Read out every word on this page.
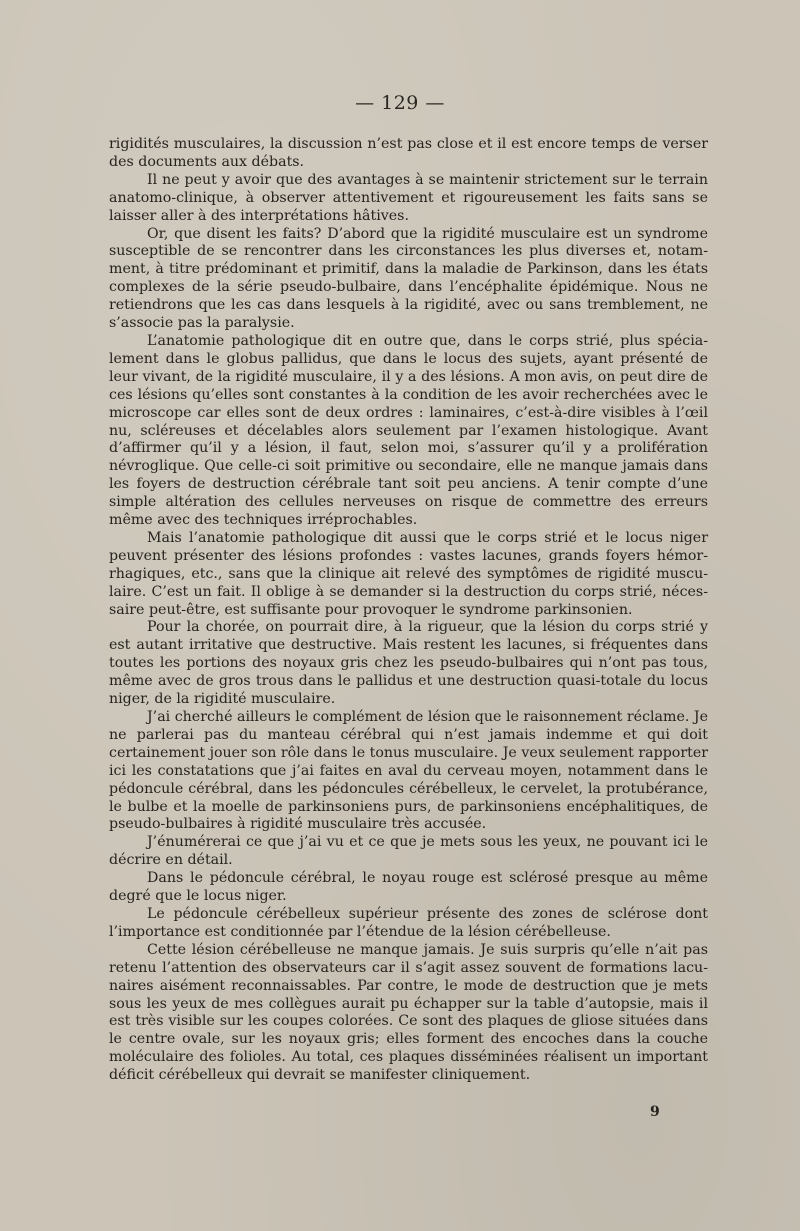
— 129 —

rigidités musculaires, la discussion n’est pas close et il est encore temps de verser des documents aux débats.

Il ne peut y avoir que des avantages à se maintenir strictement sur le terrain anatomo-clinique, à observer attentivement et rigoureusement les faits sans se laisser aller à des interprétations hâtives.

Or, que disent les faits? D’abord que la rigidité musculaire est un syndrome susceptible de se rencontrer dans les circonstances les plus diverses et, notamment, à titre prédominant et primitif, dans la maladie de Parkinson, dans les états complexes de la série pseudo-bulbaire, dans l’encéphalite épidémique. Nous ne retiendrons que les cas dans lesquels à la rigidité, avec ou sans tremblement, ne s’associe pas la paralysie.

L’anatomie pathologique dit en outre que, dans le corps strié, plus spécialement dans le globus pallidus, que dans le locus des sujets, ayant présenté de leur vivant, de la rigidité musculaire, il y a des lésions. A mon avis, on peut dire de ces lésions qu’elles sont constantes à la condition de les avoir recherchées avec le microscope car elles sont de deux ordres : laminaires, c’est-à-dire visibles à l’œil nu, scléreuses et décelables alors seulement par l’examen histologique. Avant d’affirmer qu’il y a lésion, il faut, selon moi, s’assurer qu’il y a prolifération névroglique. Que celle-ci soit primitive ou secondaire, elle ne manque jamais dans les foyers de destruction cérébrale tant soit peu anciens. A tenir compte d’une simple altération des cellules nerveuses on risque de commettre des erreurs même avec des techniques irréprochables.

Mais l’anatomie pathologique dit aussi que le corps strié et le locus niger peuvent présenter des lésions profondes : vastes lacunes, grands foyers hémorrhagiques, etc., sans que la clinique ait relevé des symptômes de rigidité musculaire. C’est un fait. Il oblige à se demander si la destruction du corps strié, nécessaire peut-être, est suffisante pour provoquer le syndrome parkinsonien.

Pour la chorée, on pourrait dire, à la rigueur, que la lésion du corps strié y est autant irritative que destructive. Mais restent les lacunes, si fréquentes dans toutes les portions des noyaux gris chez les pseudo-bulbaires qui n’ont pas tous, même avec de gros trous dans le pallidus et une destruction quasi-totale du locus niger, de la rigidité musculaire.

J’ai cherché ailleurs le complément de lésion que le raisonnement réclame. Je ne parlerai pas du manteau cérébral qui n’est jamais indemme et qui doit certainement jouer son rôle dans le tonus musculaire. Je veux seulement rapporter ici les constatations que j’ai faites en aval du cerveau moyen, notamment dans le pédoncule cérébral, dans les pédoncules cérébelleux, le cervelet, la protubérance, le bulbe et la moelle de parkinsoniens purs, de parkinsoniens encéphalitiques, de pseudo-bulbaires à rigidité musculaire très accusée.

J’énumérerai ce que j’ai vu et ce que je mets sous les yeux, ne pouvant ici le décrire en détail.

Dans le pédoncule cérébral, le noyau rouge est sclérosé presque au même degré que le locus niger.

Le pédoncule cérébelleux supérieur présente des zones de sclérose dont l’importance est conditionnée par l’étendue de la lésion cérébelleuse.

Cette lésion cérébelleuse ne manque jamais. Je suis surpris qu’elle n’ait pas retenu l’attention des observateurs car il s’agit assez souvent de formations lacunaires aisément reconnaissables. Par contre, le mode de destruction que je mets sous les yeux de mes collègues aurait pu échapper sur la table d’autopsie, mais il est très visible sur les coupes colorées. Ce sont des plaques de gliose situées dans le centre ovale, sur les noyaux gris; elles forment des encoches dans la couche moléculaire des folioles. Au total, ces plaques disséminées réalisent un important déficit cérébelleux qui devrait se manifester cliniquement.

9
